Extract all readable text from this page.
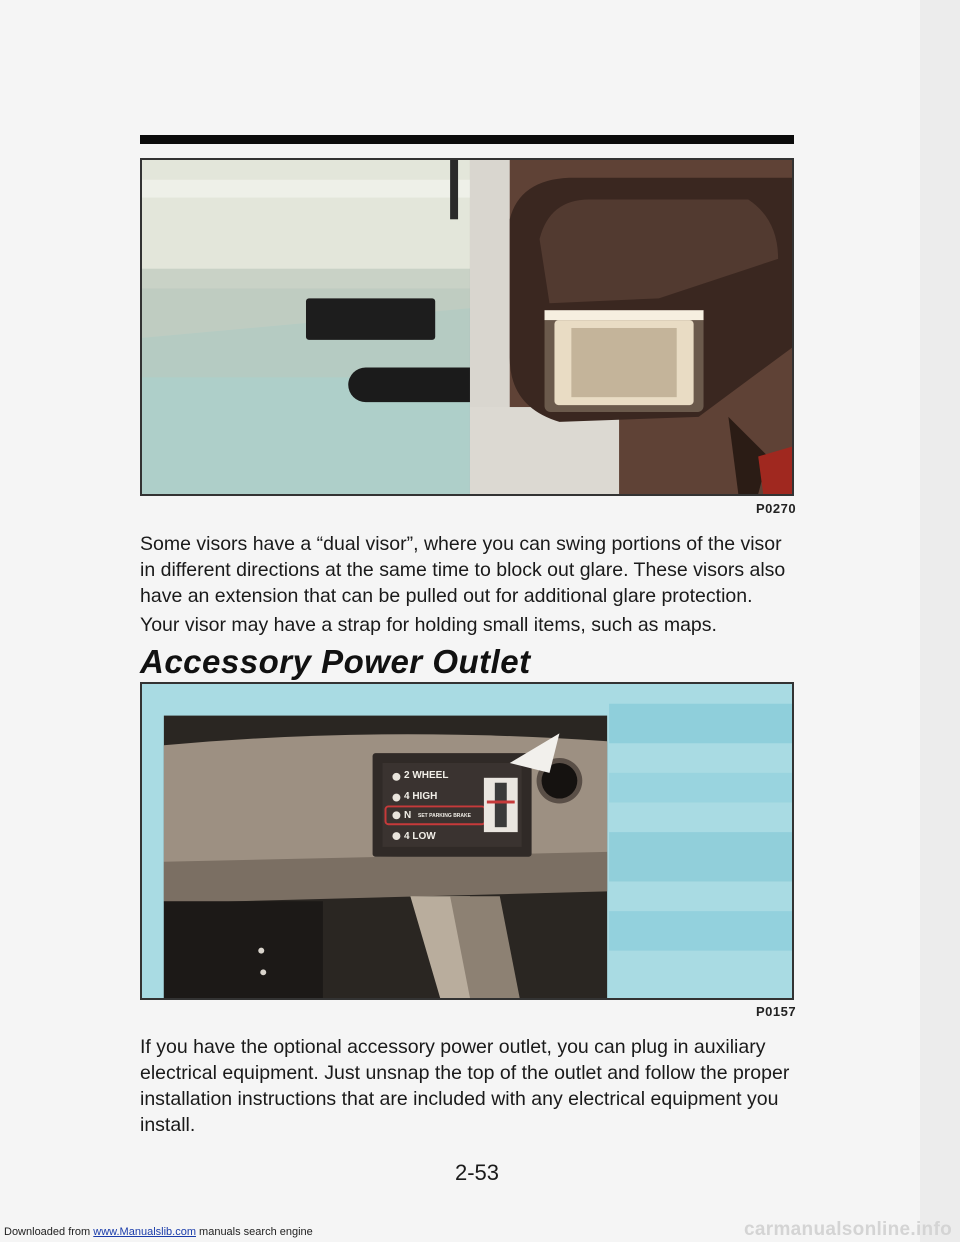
P0270

Some visors have a “dual visor”, where you can swing portions of the visor in different directions at the same time to block out glare. These visors also have an extension that can be pulled out for additional glare protection.

Your visor may have a strap for holding small items, such as maps.

Accessory Power Outlet
2 WHEEL
4 HIGH
N SET PARKING BRAKE
4 LOW
P0157

If you have the optional accessory power outlet, you can plug in auxiliary electrical equipment. Just unsnap the top of the outlet and follow the proper installation instructions that are included with any electrical equipment you install.

2-53
Downloaded from www.Manualslib.com manuals search engine	carmanualsonline.info
